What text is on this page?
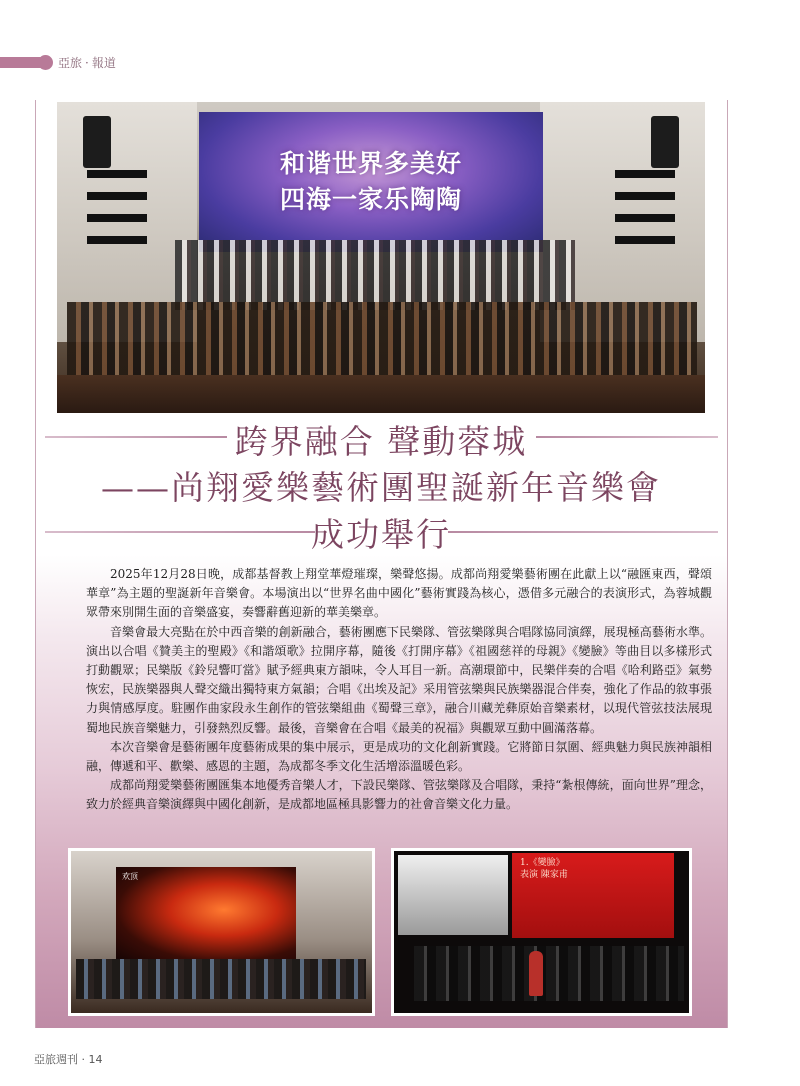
亞旅 · 報道
和谐世界多美好
四海一家乐陶陶
跨界融合 聲動蓉城
——尚翔愛樂藝術團聖誕新年音樂會
成功舉行

2025年12月28日晚，成都基督教上翔堂華燈璀璨，樂聲悠揚。成都尚翔愛樂藝術團在此獻上以“融匯東西，聲頌華章”為主題的聖誕新年音樂會。本場演出以“世界名曲中國化”藝術實踐為核心，憑借多元融合的表演形式，為蓉城觀眾帶來別開生面的音樂盛宴，奏響辭舊迎新的華美樂章。

音樂會最大亮點在於中西音樂的創新融合，藝術團應下民樂隊、管弦樂隊與合唱隊協同演繹，展現極高藝術水準。演出以合唱《贊美主的聖殿》《和諧頌歌》拉開序幕，隨後《打開序幕》《祖國慈祥的母親》《變臉》等曲目以多樣形式打動觀眾；民樂版《鈴兒響叮當》賦予經典東方韻味，令人耳目一新。高潮環節中，民樂伴奏的合唱《哈利路亞》氣勢恢宏，民族樂器與人聲交織出獨特東方氣韻；合唱《出埃及記》采用管弦樂與民族樂器混合伴奏，強化了作品的敘事張力與情感厚度。駐團作曲家段永生創作的管弦樂組曲《蜀聲三章》，融合川藏羌彝原始音樂素材，以現代管弦技法展現蜀地民族音樂魅力，引發熱烈反響。最後，音樂會在合唱《最美的祝福》與觀眾互動中圓滿落幕。

本次音樂會是藝術團年度藝術成果的集中展示，更是成功的文化創新實踐。它將節日氛圍、經典魅力與民族神韻相融，傳遞和平、歡樂、感恩的主題，為成都冬季文化生活增添溫暖色彩。

成都尚翔愛樂藝術團匯集本地優秀音樂人才，下設民樂隊、管弦樂隊及合唱隊，秉持“紮根傳統，面向世界”理念，致力於經典音樂演繹與中國化創新，是成都地區極具影響力的社會音樂文化力量。

欢顶
1.《變臉》
表演 陳家甫
亞旅週刊 · 14
